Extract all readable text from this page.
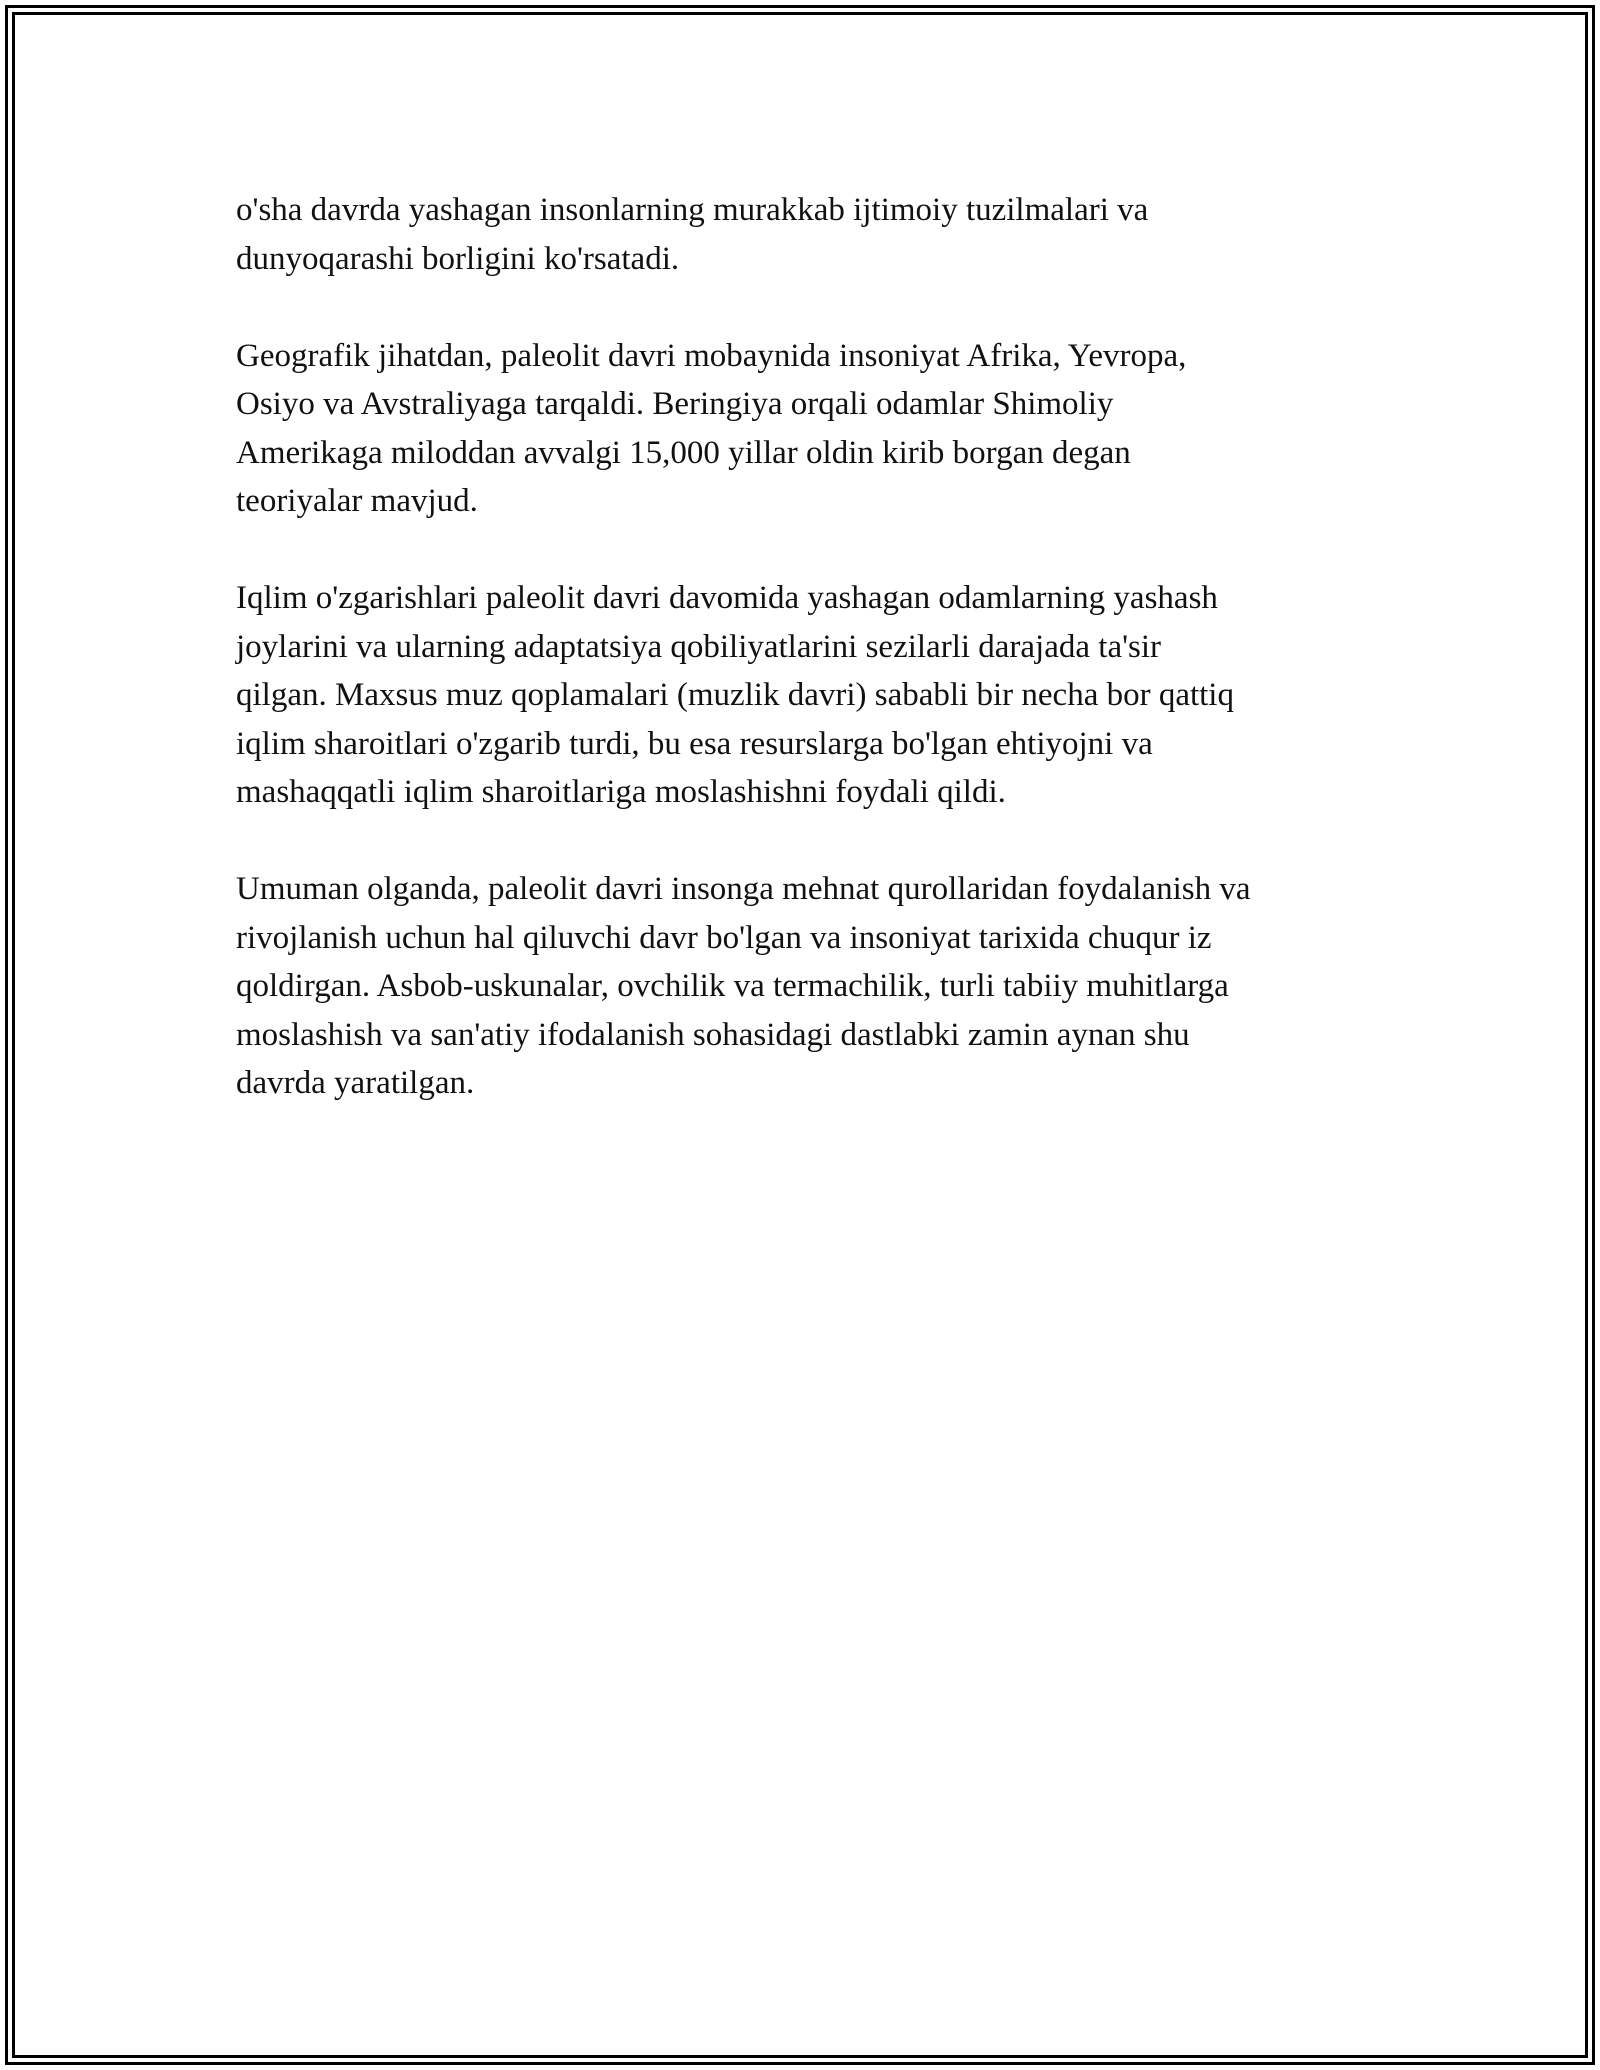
o'sha davrda yashagan insonlarning murakkab ijtimoiy tuzilmalari va
dunyoqarashi borligini ko'rsatadi.

Geografik jihatdan, paleolit davri mobaynida insoniyat Afrika, Yevropa,
Osiyo va Avstraliyaga tarqaldi. Beringiya orqali odamlar Shimoliy
Amerikaga miloddan avvalgi 15,000 yillar oldin kirib borgan degan
teoriyalar mavjud.

Iqlim o'zgarishlari paleolit davri davomida yashagan odamlarning yashash
joylarini va ularning adaptatsiya qobiliyatlarini sezilarli darajada ta'sir
qilgan. Maxsus muz qoplamalari (muzlik davri) sababli bir necha bor qattiq
iqlim sharoitlari o'zgarib turdi, bu esa resurslarga bo'lgan ehtiyojni va
mashaqqatli iqlim sharoitlariga moslashishni foydali qildi.

Umuman olganda, paleolit davri insonga mehnat qurollaridan foydalanish va
rivojlanish uchun hal qiluvchi davr bo'lgan va insoniyat tarixida chuqur iz
qoldirgan. Asbob-uskunalar, ovchilik va termachilik, turli tabiiy muhitlarga
moslashish va san'atiy ifodalanish sohasidagi dastlabki zamin aynan shu
davrda yaratilgan.
